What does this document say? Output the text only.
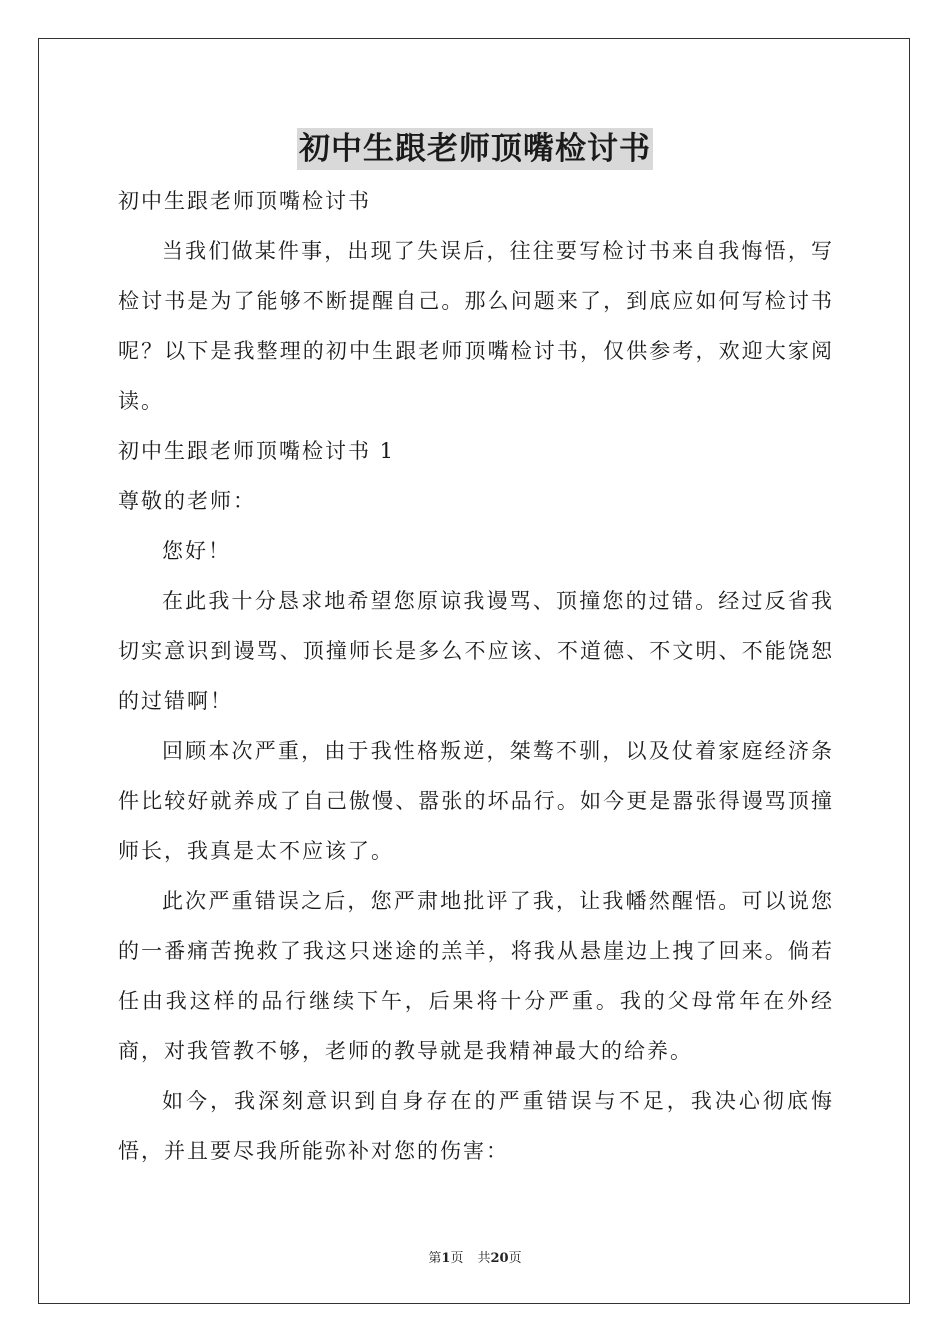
初中生跟老师顶嘴检讨书

初中生跟老师顶嘴检讨书

当我们做某件事，出现了失误后，往往要写检讨书来自我悔悟，写检讨书是为了能够不断提醒自己。那么问题来了，到底应如何写检讨书呢？以下是我整理的初中生跟老师顶嘴检讨书，仅供参考，欢迎大家阅读。

初中生跟老师顶嘴检讨书 1

尊敬的老师：

您好！

在此我十分恳求地希望您原谅我谩骂、顶撞您的过错。经过反省我切实意识到谩骂、顶撞师长是多么不应该、不道德、不文明、不能饶恕的过错啊！

回顾本次严重，由于我性格叛逆，桀骜不驯，以及仗着家庭经济条件比较好就养成了自己傲慢、嚣张的坏品行。如今更是嚣张得谩骂顶撞师长，我真是太不应该了。

此次严重错误之后，您严肃地批评了我，让我幡然醒悟。可以说您的一番痛苦挽救了我这只迷途的羔羊，将我从悬崖边上拽了回来。倘若任由我这样的品行继续下午，后果将十分严重。我的父母常年在外经商，对我管教不够，老师的教导就是我精神最大的给养。

如今，我深刻意识到自身存在的严重错误与不足，我决心彻底悔悟，并且要尽我所能弥补对您的伤害：

第1页 共20页
